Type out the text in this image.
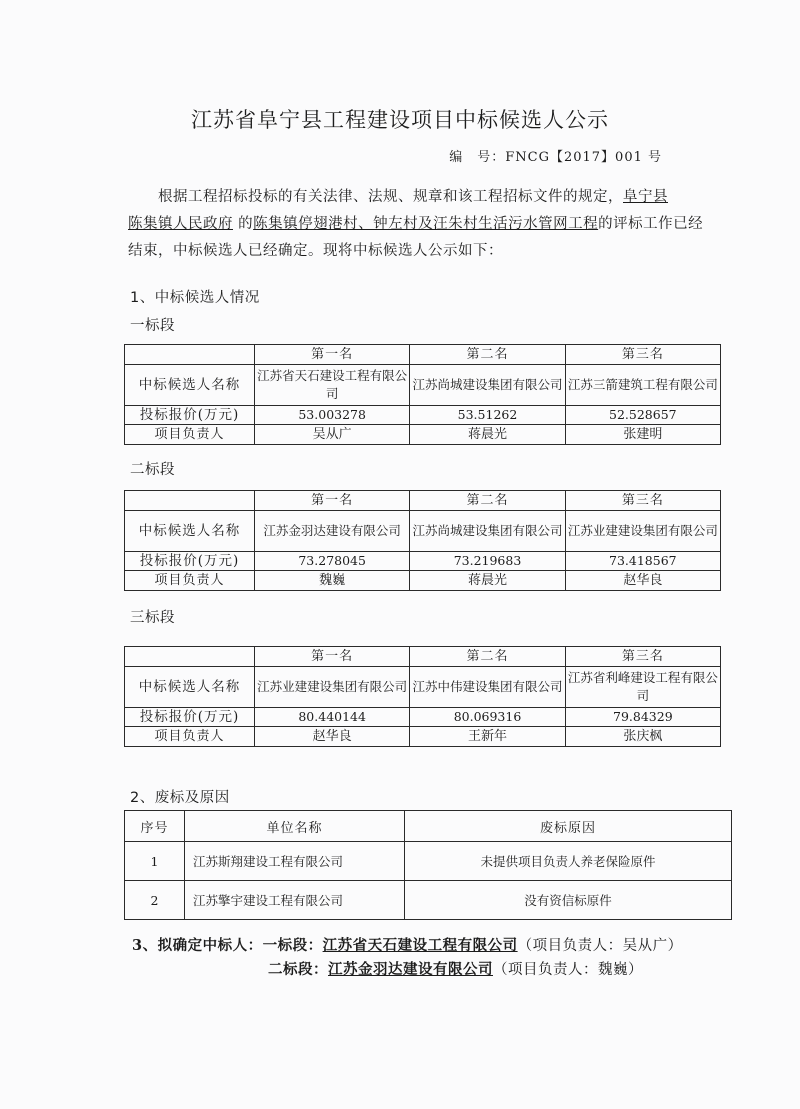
江苏省阜宁县工程建设项目中标候选人公示
编　号：FNCG【2017】001 号

根据工程招标投标的有关法律、法规、规章和该工程招标文件的规定，阜宁县
陈集镇人民政府 的陈集镇停翅港村、钟左村及汪朱村生活污水管网工程的评标工作已经结束，中标候选人已经确定。现将中标候选人公示如下：

1、中标候选人情况
一标段
	第一名	第二名	第三名
中标候选人名称	江苏省天石建设工程有限公司	江苏尚城建设集团有限公司	江苏三箭建筑工程有限公司
投标报价(万元)	53.003278	53.51262	52.528657
项目负责人	吴从广	蒋晨光	张建明
二标段
	第一名	第二名	第三名
中标候选人名称	江苏金羽达建设有限公司	江苏尚城建设集团有限公司	江苏业建建设集团有限公司
投标报价(万元)	73.278045	73.219683	73.418567
项目负责人	魏巍	蒋晨光	赵华良
三标段
	第一名	第二名	第三名
中标候选人名称	江苏业建建设集团有限公司	江苏中伟建设集团有限公司	江苏省利峰建设工程有限公司
投标报价(万元)	80.440144	80.069316	79.84329
项目负责人	赵华良	王新年	张庆枫
2、废标及原因
序号	单位名称	废标原因
1	江苏斯翔建设工程有限公司	未提供项目负责人养老保险原件
2	江苏擎宇建设工程有限公司	没有资信标原件
3、拟确定中标人：一标段：江苏省天石建设工程有限公司（项目负责人：吴从广）
二标段：江苏金羽达建设有限公司（项目负责人：魏巍）
